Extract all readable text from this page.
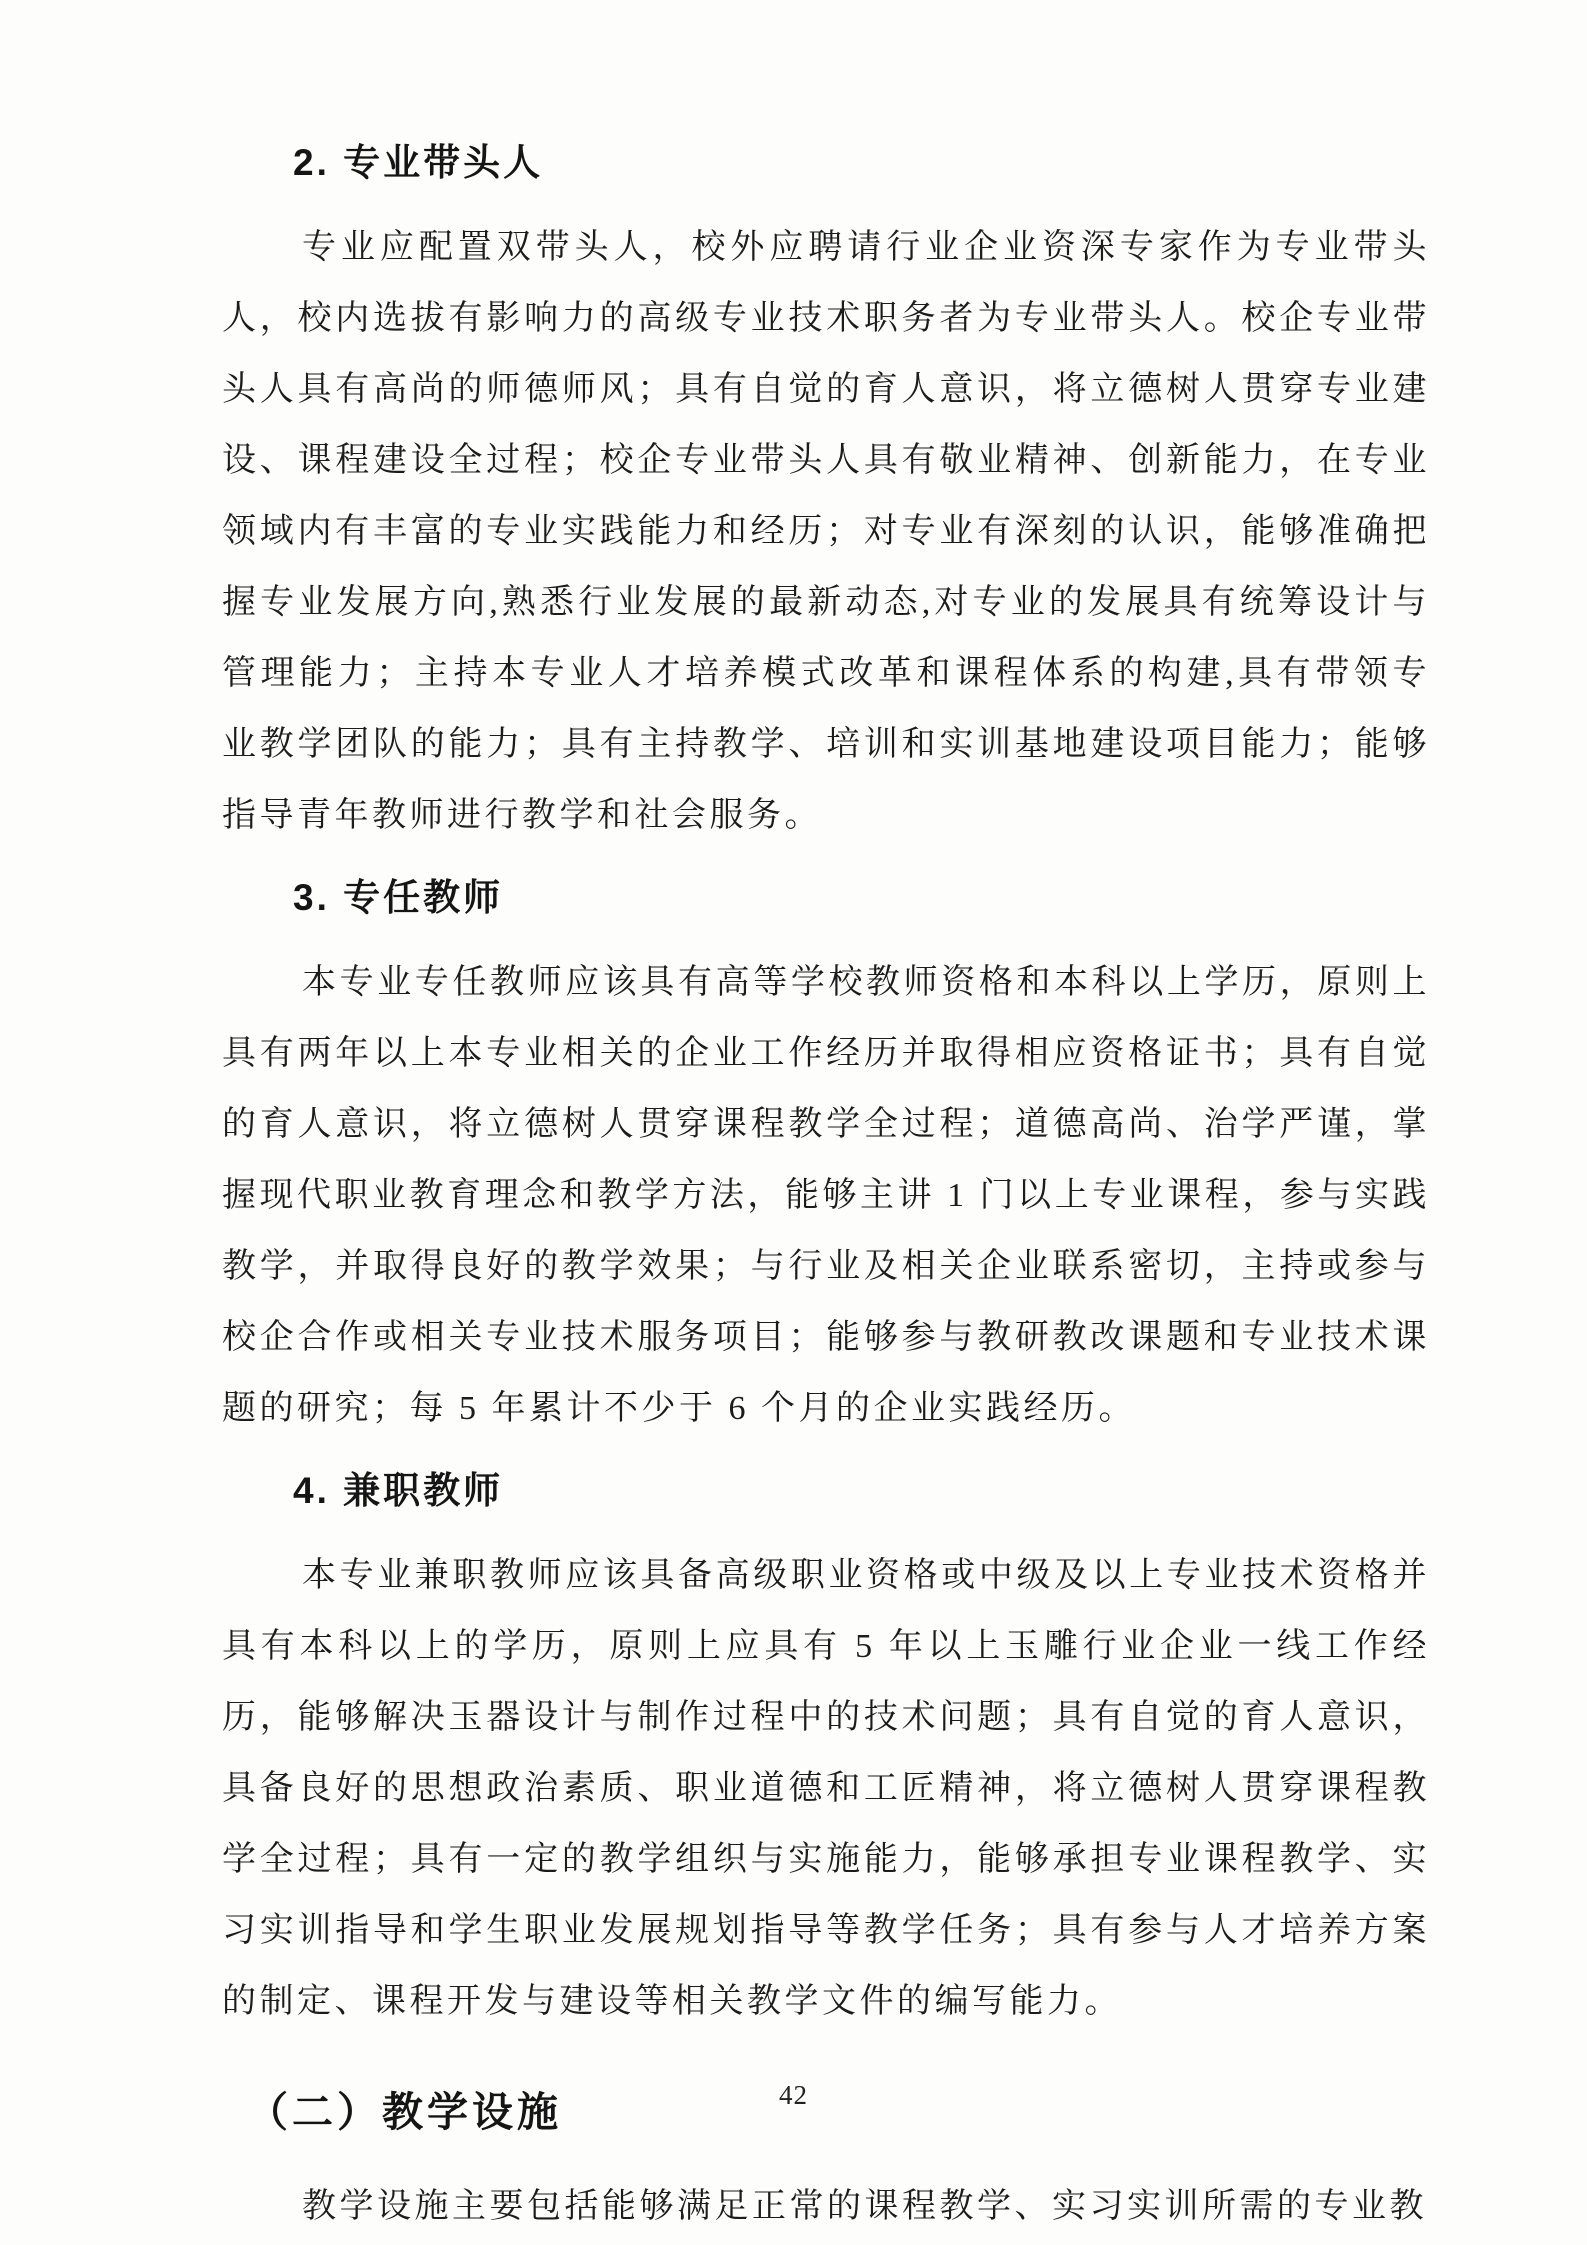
2. 专业带头人

专业应配置双带头人，校外应聘请行业企业资深专家作为专业带头人，校内选拔有影响力的高级专业技术职务者为专业带头人。校企专业带头人具有高尚的师德师风；具有自觉的育人意识，将立德树人贯穿专业建设、课程建设全过程；校企专业带头人具有敬业精神、创新能力，在专业领域内有丰富的专业实践能力和经历；对专业有深刻的认识，能够准确把握专业发展方向,熟悉行业发展的最新动态,对专业的发展具有统筹设计与管理能力；主持本专业人才培养模式改革和课程体系的构建,具有带领专业教学团队的能力；具有主持教学、培训和实训基地建设项目能力；能够指导青年教师进行教学和社会服务。

3. 专任教师

本专业专任教师应该具有高等学校教师资格和本科以上学历，原则上具有两年以上本专业相关的企业工作经历并取得相应资格证书；具有自觉的育人意识，将立德树人贯穿课程教学全过程；道德高尚、治学严谨，掌握现代职业教育理念和教学方法，能够主讲 1 门以上专业课程，参与实践教学，并取得良好的教学效果；与行业及相关企业联系密切，主持或参与校企合作或相关专业技术服务项目；能够参与教研教改课题和专业技术课题的研究；每 5 年累计不少于 6 个月的企业实践经历。

4. 兼职教师

本专业兼职教师应该具备高级职业资格或中级及以上专业技术资格并具有本科以上的学历，原则上应具有 5 年以上玉雕行业企业一线工作经历，能够解决玉器设计与制作过程中的技术问题；具有自觉的育人意识，具备良好的思想政治素质、职业道德和工匠精神，将立德树人贯穿课程教学全过程；具有一定的教学组织与实施能力，能够承担专业课程教学、实习实训指导和学生职业发展规划指导等教学任务；具有参与人才培养方案的制定、课程开发与建设等相关教学文件的编写能力。

（二）教学设施

教学设施主要包括能够满足正常的课程教学、实习实训所需的专业教

42
